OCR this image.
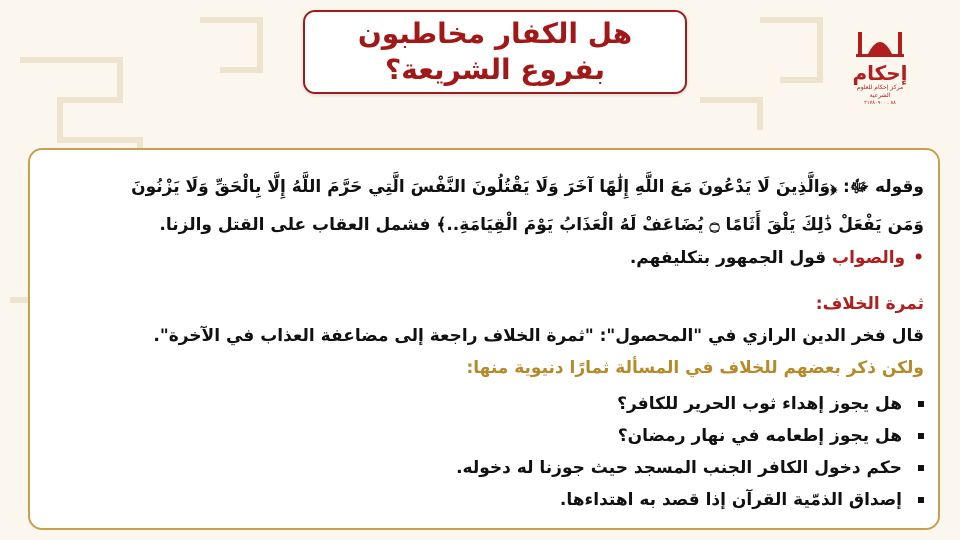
هل الكفار مخاطبون
بفروع الشريعة؟	إحكام
مركز إحكام للعلوم الشرعية
٨٨ . ٢١٧٨٠٩٠٠
وقوله ﷻ: ﴿وَالَّذِينَ لَا يَدْعُونَ مَعَ اللَّهِ إِلَٰهًا آخَرَ وَلَا يَقْتُلُونَ النَّفْسَ الَّتِي حَرَّمَ اللَّهُ إِلَّا بِالْحَقِّ وَلَا يَزْنُونَ
وَمَن يَفْعَلْ ذَٰلِكَ يَلْقَ أَثَامًا ۝ يُضَاعَفْ لَهُ الْعَذَابُ يَوْمَ الْقِيَامَةِ..﴾ فشمل العقاب على القتل والزنا.
•والصواب قول الجمهور بتكليفهم.
ثمرة الخلاف:
قال فخر الدين الرازي في "المحصول": "ثمرة الخلاف راجعة إلى مضاعفة العذاب في الآخرة".
ولكن ذكر بعضهم للخلاف في المسألة ثمارًا دنيوية منها:
هل يجوز إهداء ثوب الحرير للكافر؟
هل يجوز إطعامه في نهار رمضان؟
حكم دخول الكافر الجنب المسجد حيث جوزنا له دخوله.
إصداق الذمّية القرآن إذا قصد به اهتداءها.
